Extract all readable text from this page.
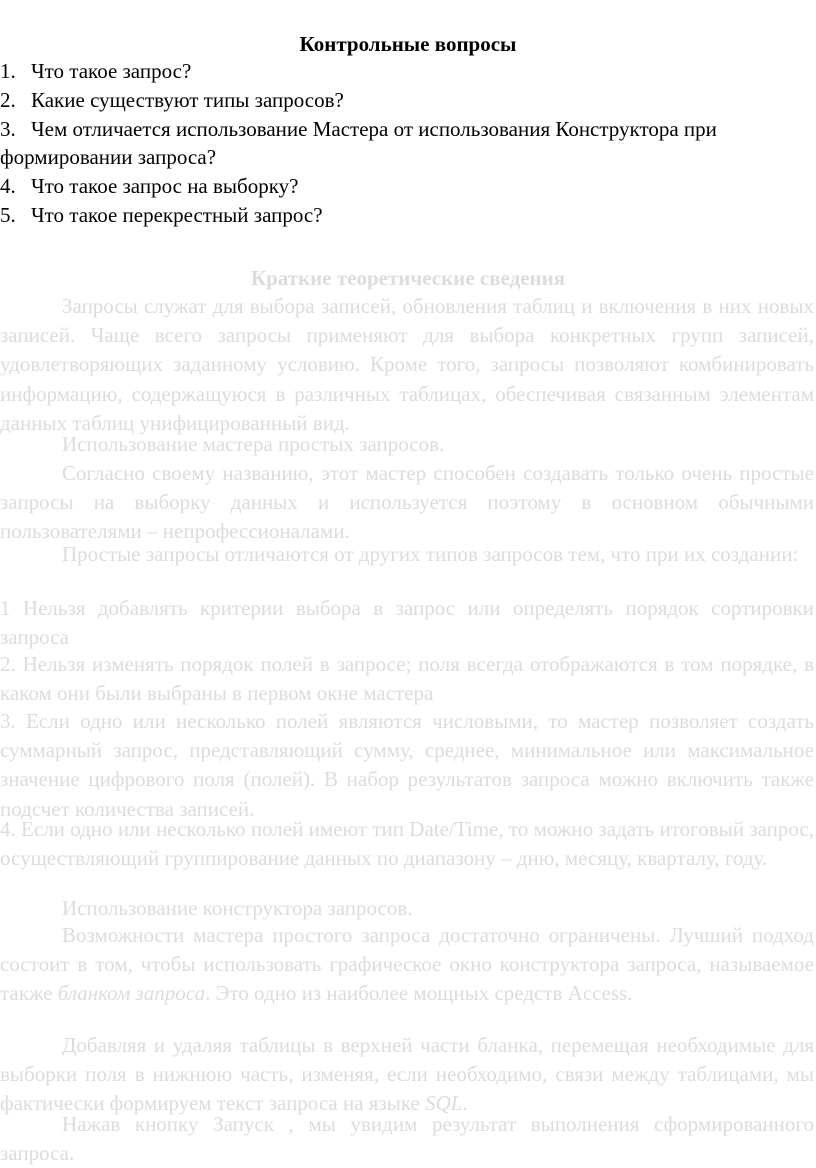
Контрольные вопросы
1. Что такое запрос?
2. Какие существуют типы запросов?
3. Чем отличается использование Мастера от использования Конструктора при
формировании запроса?
4. Что такое запрос на выборку?
5. Что такое перекрестный запрос?
Краткие теоретические сведения
Запросы служат для выбора записей, обновления таблиц и включения в них новых записей. Чаще всего запросы применяют для выбора конкретных групп записей, удовлетворяющих заданному условию. Кроме того, запросы позволяют комбинировать информацию, содержащуюся в различных таблицах, обеспечивая связанным элементам данных таблиц унифицированный вид.
Использование мастера простых запросов.
Согласно своему названию, этот мастер способен создавать только очень простые запросы на выборку данных и используется поэтому в основном обычными пользователями – непрофессионалами.
Простые запросы отличаются от других типов запросов тем, что при их создании:
1 Нельзя добавлять критерии выбора в запрос или определять порядок сортировки запроса
2. Нельзя изменять порядок полей в запросе; поля всегда отображаются в том порядке, в каком они были выбраны в первом окне мастера
3. Если одно или несколько полей являются числовыми, то мастер позволяет создать суммарный запрос, представляющий сумму, среднее, минимальное или максимальное значение цифрового поля (полей). В набор результатов запроса можно включить также подсчет количества записей.
4. Если одно или несколько полей имеют тип Date/Time, то можно задать итоговый запрос, осуществляющий группирование данных по диапазону – дню, месяцу, кварталу, году.
Использование конструктора запросов.
Возможности мастера простого запроса достаточно ограничены. Лучший подход состоит в том, чтобы использовать графическое окно конструктора запроса, называемое также бланком запроса. Это одно из наиболее мощных средств Access.
Добавляя и удаляя таблицы в верхней части бланка, перемещая необходимые для выборки поля в нижнюю часть, изменяя, если необходимо, связи между таблицами, мы фактически формируем текст запроса на языке SQL.
Нажав кнопку Запуск , мы увидим результат выполнения сформированного запроса.
